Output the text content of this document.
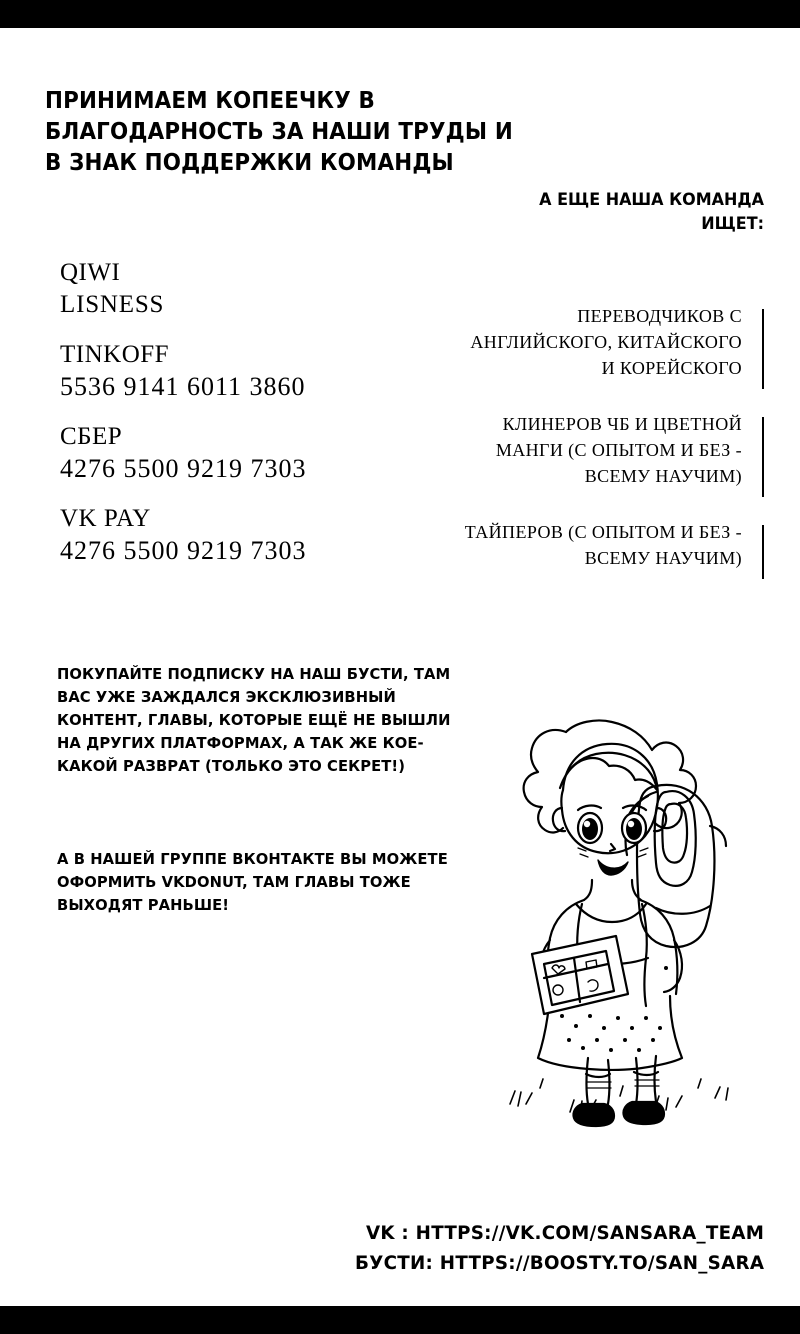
ПРИНИМАЕМ КОПЕЕЧКУ В БЛАГОДАРНОСТЬ ЗА НАШИ ТРУДЫ И В ЗНАК ПОДДЕРЖКИ КОМАНДЫ
QIWI
LISNESS
TINKOFF
5536 9141 6011 3860
СБЕР
4276 5500 9219 7303
VK PAY
4276 5500 9219 7303
А ЕЩЕ НАША КОМАНДА ИЩЕТ:
ПЕРЕВОДЧИКОВ С АНГЛИЙСКОГО, КИТАЙСКОГО И КОРЕЙСКОГО
КЛИНЕРОВ ЧБ И ЦВЕТНОЙ МАНГИ (С ОПЫТОМ И БЕЗ - ВСЕМУ НАУЧИМ)
ТАЙПЕРОВ (С ОПЫТОМ И БЕЗ - ВСЕМУ НАУЧИМ)
ПОКУПАЙТЕ ПОДПИСКУ НА НАШ БУСТИ, ТАМ ВАС УЖЕ ЗАЖДАЛСЯ ЭКСКЛЮЗИВНЫЙ КОНТЕНТ, ГЛАВЫ, КОТОРЫЕ ЕЩЁ НЕ ВЫШЛИ НА ДРУГИХ ПЛАТФОРМАХ, А ТАК ЖЕ КОЕ-КАКОЙ РАЗВРАТ (ТОЛЬКО ЭТО СЕКРЕТ!)
А В НАШЕЙ ГРУППЕ ВКОНТАКТЕ ВЫ МОЖЕТЕ ОФОРМИТЬ VKDONUT, ТАМ ГЛАВЫ ТОЖЕ ВЫХОДЯТ РАНЬШЕ!
VK : HTTPS://VK.COM/SANSARA_TEAM
БУСТИ: HTTPS://BOOSTY.TO/SAN_SARA
